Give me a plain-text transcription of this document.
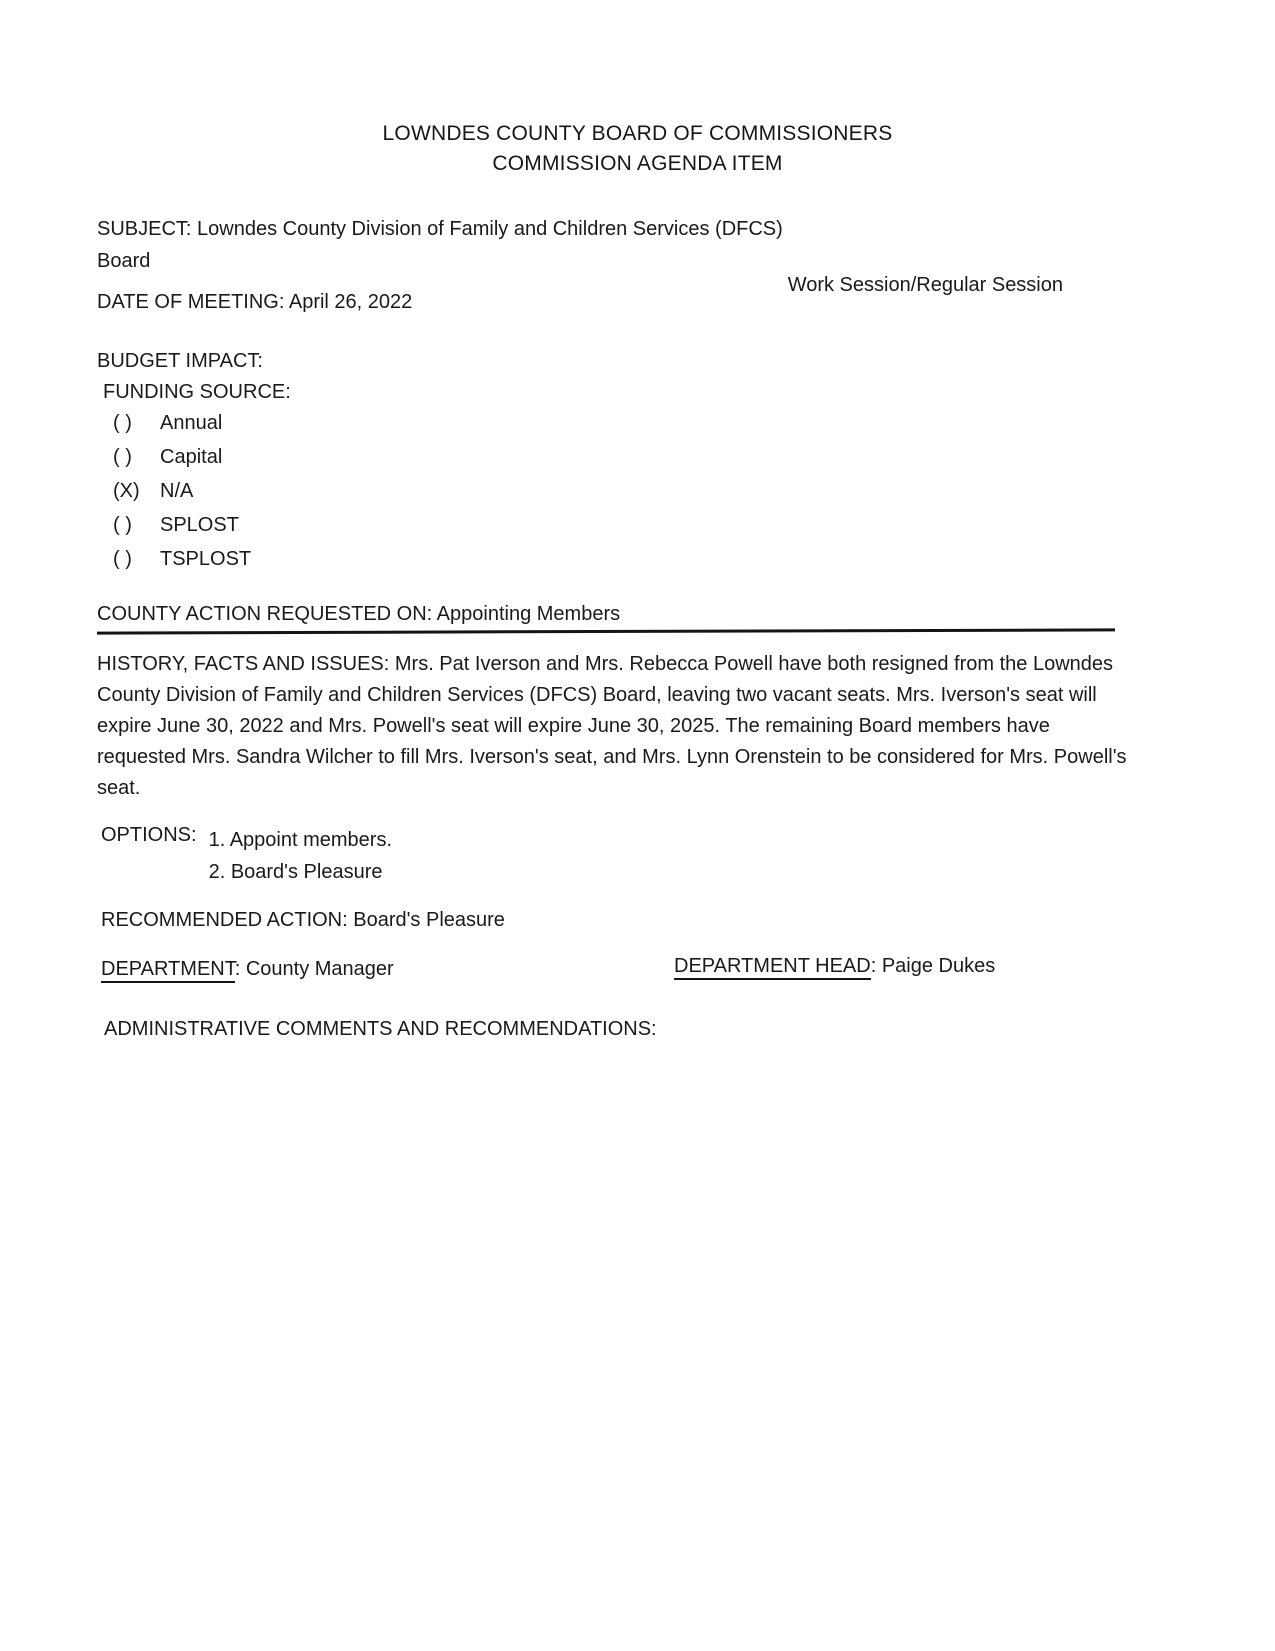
LOWNDES COUNTY BOARD OF COMMISSIONERS
COMMISSION AGENDA ITEM
SUBJECT: Lowndes County Division of Family and Children Services (DFCS)
Board
Work Session/Regular Session
DATE OF MEETING: April 26, 2022
BUDGET IMPACT:
FUNDING SOURCE:
( )	Annual
( )	Capital
(X)	N/A
( )	SPLOST
( )	TSPLOST
COUNTY ACTION REQUESTED ON: Appointing Members
HISTORY, FACTS AND ISSUES: Mrs. Pat Iverson and Mrs. Rebecca Powell have both resigned from the Lowndes County Division of Family and Children Services (DFCS) Board, leaving two vacant seats. Mrs. Iverson's seat will expire June 30, 2022 and Mrs. Powell's seat will expire June 30, 2025. The remaining Board members have requested Mrs. Sandra Wilcher to fill Mrs. Iverson's seat, and Mrs. Lynn Orenstein to be considered for Mrs. Powell's seat.
OPTIONS: 1. Appoint members.
2. Board's Pleasure
RECOMMENDED ACTION: Board's Pleasure
DEPARTMENT: County Manager	DEPARTMENT HEAD: Paige Dukes
ADMINISTRATIVE COMMENTS AND RECOMMENDATIONS:
